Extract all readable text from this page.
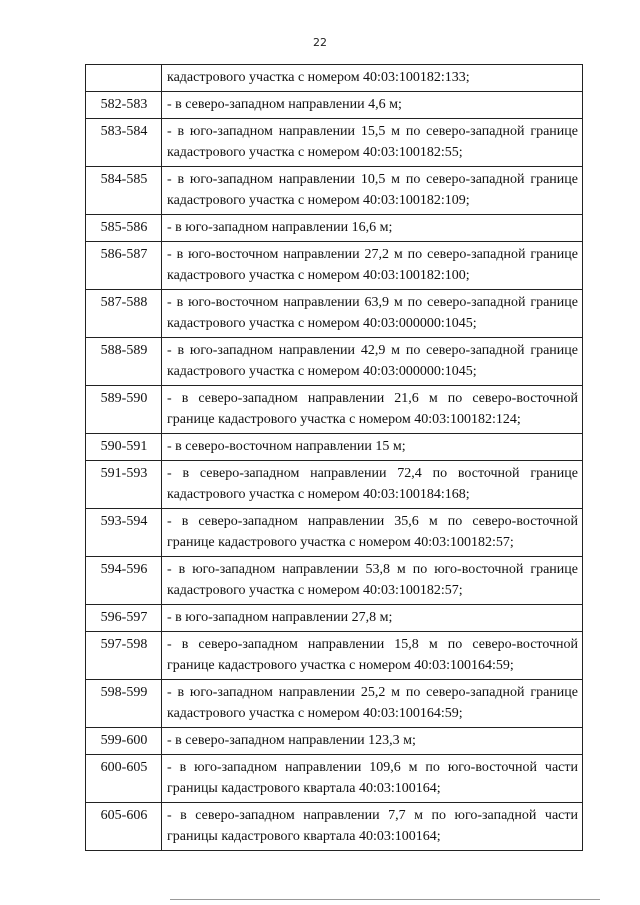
22
	кадастрового участка с номером 40:03:100182:133;
582-583	- в северо-западном направлении 4,6 м;
583-584	- в юго-западном направлении 15,5 м по северо-западной границе кадастрового участка с номером 40:03:100182:55;
584-585	- в юго-западном направлении 10,5 м по северо-западной границе кадастрового участка с номером 40:03:100182:109;
585-586	- в юго-западном направлении 16,6 м;
586-587	- в юго-восточном направлении 27,2 м по северо-западной границе кадастрового участка с номером 40:03:100182:100;
587-588	- в юго-восточном направлении 63,9 м по северо-западной границе кадастрового участка с номером 40:03:000000:1045;
588-589	- в юго-западном направлении 42,9 м по северо-западной границе кадастрового участка с номером 40:03:000000:1045;
589-590	- в северо-западном направлении 21,6 м по северо-восточной границе кадастрового участка с номером 40:03:100182:124;
590-591	- в северо-восточном направлении 15 м;
591-593	- в северо-западном направлении 72,4 по восточной границе кадастрового участка с номером 40:03:100184:168;
593-594	- в северо-западном направлении 35,6 м по северо-восточной границе кадастрового участка с номером 40:03:100182:57;
594-596	- в юго-западном направлении 53,8 м по юго-восточной границе кадастрового участка с номером 40:03:100182:57;
596-597	- в юго-западном направлении 27,8 м;
597-598	- в северо-западном направлении 15,8 м по северо-восточной границе кадастрового участка с номером 40:03:100164:59;
598-599	- в юго-западном направлении 25,2 м по северо-западной границе кадастрового участка с номером 40:03:100164:59;
599-600	- в северо-западном направлении 123,3 м;
600-605	- в юго-западном направлении 109,6 м по юго-восточной части границы кадастрового квартала 40:03:100164;
605-606	- в северо-западном направлении 7,7 м по юго-западной части границы кадастрового квартала 40:03:100164;
